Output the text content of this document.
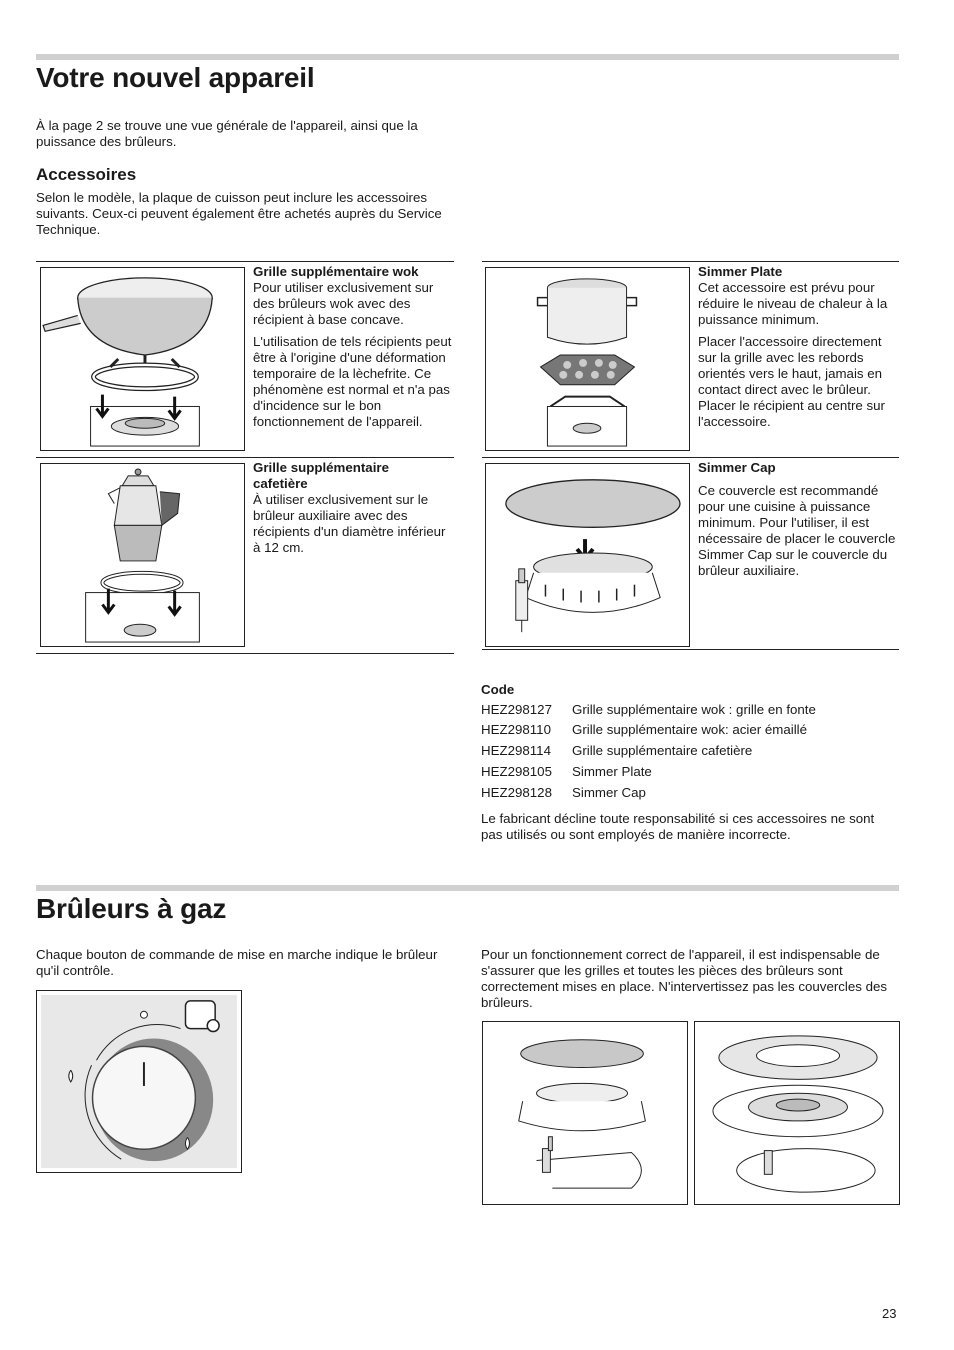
Votre nouvel appareil

À la page 2 se trouve une vue générale de l'appareil, ainsi que la puissance des brûleurs.

Accessoires

Selon le modèle, la plaque de cuisson peut inclure les accessoires suivants. Ceux-ci peuvent également être achetés auprès du Service Technique.

Grille supplémentaire wok
Pour utiliser exclusivement sur des brûleurs wok avec des récipient à base concave.
L'utilisation de tels récipients peut être à l'origine d'une déformation temporaire de la lèchefrite. Ce phénomène est normal et n'a pas d'incidence sur le bon fonctionnement de l'appareil.
Grille supplémentaire cafetière
À utiliser exclusivement sur le brûleur auxiliaire avec des récipients d'un diamètre inférieur à 12 cm.
Simmer Plate
Cet accessoire est prévu pour réduire le niveau de chaleur à la puissance minimum.
Placer l'accessoire directement sur la grille avec les rebords orientés vers le haut, jamais en contact direct avec le brûleur. Placer le récipient au centre sur l'accessoire.
Simmer Cap
Ce couvercle est recommandé pour une cuisine à puissance minimum. Pour l'utiliser, il est nécessaire de placer le couvercle Simmer Cap sur le couvercle du brûleur auxiliaire.
Code
HEZ298127 Grille supplémentaire wok : grille en fonte
HEZ298110 Grille supplémentaire wok: acier émaillé
HEZ298114 Grille supplémentaire cafetière
HEZ298105 Simmer Plate
HEZ298128 Simmer Cap

Le fabricant décline toute responsabilité si ces accessoires ne sont pas utilisés ou sont employés de manière incorrecte.

Brûleurs à gaz

Chaque bouton de commande de mise en marche indique le brûleur qu'il contrôle.

Pour un fonctionnement correct de l'appareil, il est indispensable de s'assurer que les grilles et toutes les pièces des brûleurs sont correctement mises en place. N'intervertissez pas les couvercles des brûleurs.

23
